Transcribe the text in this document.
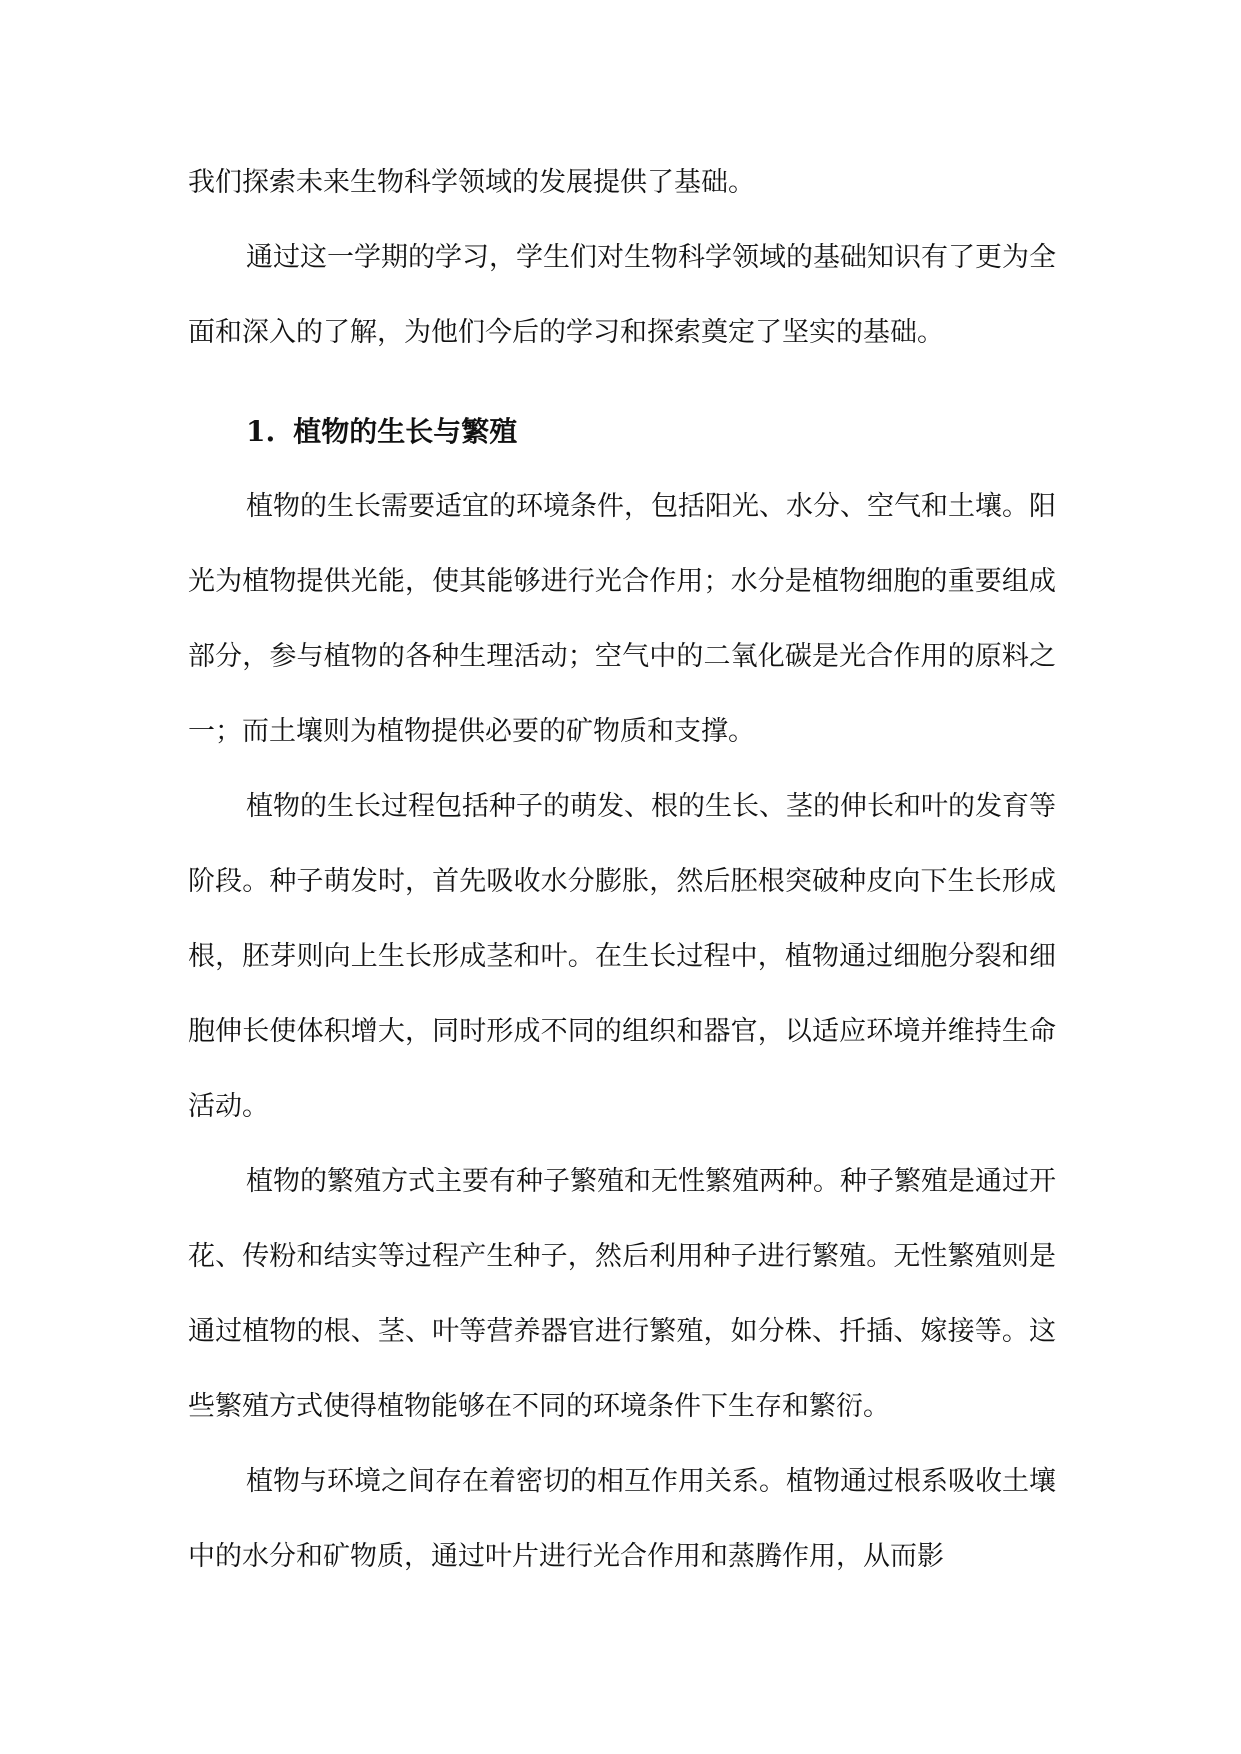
我们探索未来生物科学领域的发展提供了基础。

通过这一学期的学习，学生们对生物科学领域的基础知识有了更为全面和深入的了解，为他们今后的学习和探索奠定了坚实的基础。

1. 植物的生长与繁殖

植物的生长需要适宜的环境条件，包括阳光、水分、空气和土壤。阳光为植物提供光能，使其能够进行光合作用；水分是植物细胞的重要组成部分，参与植物的各种生理活动；空气中的二氧化碳是光合作用的原料之一；而土壤则为植物提供必要的矿物质和支撑。

植物的生长过程包括种子的萌发、根的生长、茎的伸长和叶的发育等阶段。种子萌发时，首先吸收水分膨胀，然后胚根突破种皮向下生长形成根，胚芽则向上生长形成茎和叶。在生长过程中，植物通过细胞分裂和细胞伸长使体积增大，同时形成不同的组织和器官，以适应环境并维持生命活动。

植物的繁殖方式主要有种子繁殖和无性繁殖两种。种子繁殖是通过开花、传粉和结实等过程产生种子，然后利用种子进行繁殖。无性繁殖则是通过植物的根、茎、叶等营养器官进行繁殖，如分株、扦插、嫁接等。这些繁殖方式使得植物能够在不同的环境条件下生存和繁衍。

植物与环境之间存在着密切的相互作用关系。植物通过根系吸收土壤中的水分和矿物质，通过叶片进行光合作用和蒸腾作用，从而影
